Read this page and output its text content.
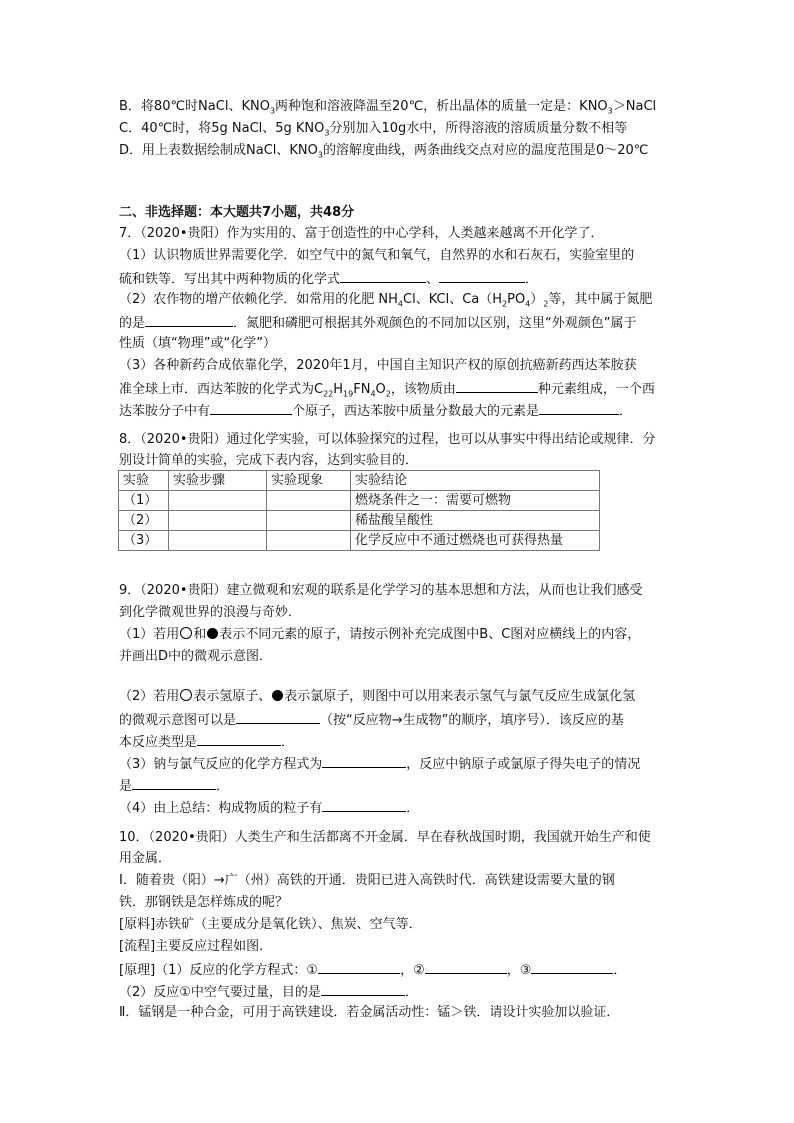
B．将80℃时NaCl、$KNO_3$两种饱和溶液降温至20℃，析出晶体的质量一定是：$KNO_3>NaCl$
C．40℃时，将5g NaCl、5g $KNO_3$分别加入10g水中，所得溶液的溶质质量分数不相等
D．用上表数据绘制成NaCl、$KNO_3$的溶解度曲线，两条曲线交点对应的温度范围是0～20℃
二、非选择题：本大题共7小题，共48分
7．（2020•贵阳）作为实用的、富于创造性的中心学科，人类越来越离不开化学了．
（1）认识物质世界需要化学．如空气中的氮气和氧气，自然界的水和石灰石，实验室里的
硫和铁等．写出其中两种物质的化学式	、	．
（2）农作物的增产依赖化学．如常用的化肥 $NH_4Cl$、KCl、$Ca(H_2PO_4)_2$等，其中属于氮肥
的是	．氮肥和磷肥可根据其外观颜色的不同加以区别，这里“外观颜色”属于
性质（填“物理”或“化学”）
（3）各种新药合成依靠化学，2020年1月，中国自主知识产权的原创抗癌新药西达苯胺获
准全球上市．西达苯胺的化学式为$C_{22}H_{19}FN_4O_2$，该物质由	种元素组成，一个西
达苯胺分子中有	个原子，西达苯胺中质量分数最大的元素是	．
8．（2020•贵阳）通过化学实验，可以体验探究的过程，也可以从事实中得出结论或规律．分
别设计简单的实验，完成下表内容，达到实验目的．
实验	实验步骤	实验现象	实验结论
（1）			燃烧条件之一：需要可燃物
（2）			稀盐酸呈酸性
（3）			化学反应中不通过燃烧也可获得热量
9．（2020•贵阳）建立微观和宏观的联系是化学学习的基本思想和方法，从而也让我们感受
到化学微观世界的浪漫与奇妙．
（1）若用 和 表示不同元素的原子，请按示例补充完成图中B、C图对应横线上的内容，
并画出D中的微观示意图．
（2）若用 表示氢原子、 表示氯原子，则图中可以用来表示氢气与氯气反应生成氯化氢
的微观示意图可以是	（按“反应物→生成物”的顺序，填序号）．该反应的基
本反应类型是	．
（3）钠与氯气反应的化学方程式为	，反应中钠原子或氯原子得失电子的情况
是	．
（4）由上总结：构成物质的粒子有	．
10．（2020•贵阳）人类生产和生活都离不开金属．早在春秋战国时期，我国就开始生产和使
用金属．
Ⅰ．随着贵（阳）→广（州）高铁的开通．贵阳已进入高铁时代．高铁建设需要大量的钢
铁．那钢铁是怎样炼成的呢？
[原料]赤铁矿（主要成分是氧化铁）、焦炭、空气等．
[流程]主要反应过程如图．
[原理]（1）反应的化学方程式：①	，②	，③	．
（2）反应①中空气要过量，目的是	．
Ⅱ．锰钢是一种合金，可用于高铁建设．若金属活动性：锰＞铁．请设计实验加以验证．
